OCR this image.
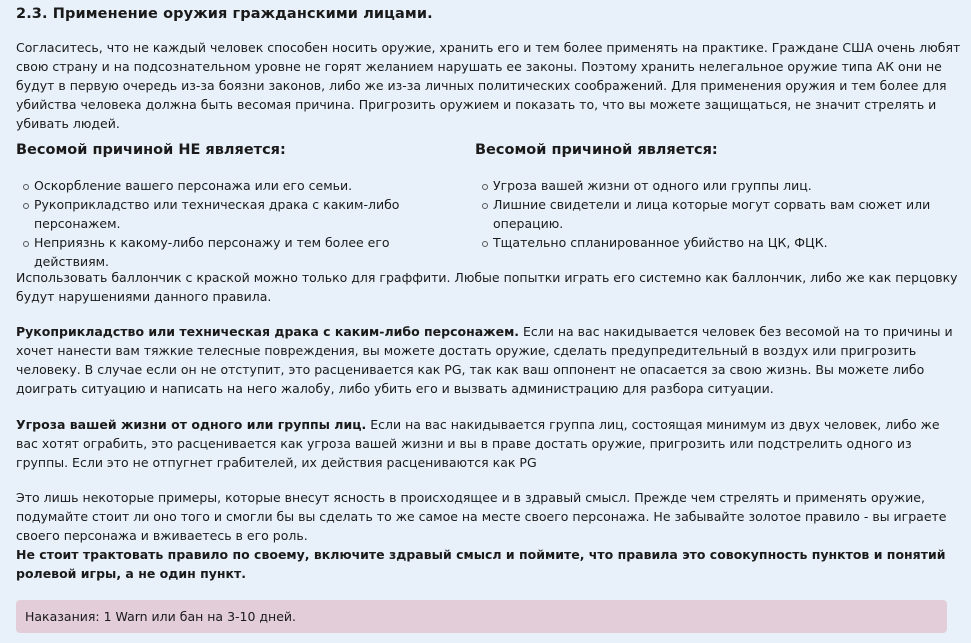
2.3. Применение оружия гражданскими лицами.
Согласитесь, что не каждый человек способен носить оружие, хранить его и тем более применять на практике. Граждане США очень любят свою страну и на подсознательном уровне не горят желанием нарушать ее законы. Поэтому хранить нелегальное оружие типа АК они не будут в первую очередь из-за боязни законов, либо же из-за личных политических соображений. Для применения оружия и тем более для убийства человека должна быть весомая причина. Пригрозить оружием и показать то, что вы можете защищаться, не значит стрелять и убивать людей.
Весомой причиной НЕ является:
Оскорбление вашего персонажа или его семьи.
Рукоприкладство или техническая драка с каким-либо персонажем.
Неприязнь к какому-либо персонажу и тем более его действиям.
Весомой причиной является:
Угроза вашей жизни от одного или группы лиц.
Лишние свидетели и лица которые могут сорвать вам сюжет или операцию.
Тщательно спланированное убийство на ЦК, ФЦК.
Использовать баллончик с краской можно только для граффити. Любые попытки играть его системно как баллончик, либо же как перцовку будут нарушениями данного правила.
Рукоприкладство или техническая драка с каким-либо персонажем. Если на вас накидывается человек без весомой на то причины и хочет нанести вам тяжкие телесные повреждения, вы можете достать оружие, сделать предупредительный в воздух или пригрозить человеку. В случае если он не отступит, это расценивается как PG, так как ваш оппонент не опасается за свою жизнь. Вы можете либо доиграть ситуацию и написать на него жалобу, либо убить его и вызвать администрацию для разбора ситуации.
Угроза вашей жизни от одного или группы лиц. Если на вас накидывается группа лиц, состоящая минимум из двух человек, либо же вас хотят ограбить, это расценивается как угроза вашей жизни и вы в праве достать оружие, пригрозить или подстрелить одного из группы. Если это не отпугнет грабителей, их действия расцениваются как PG
Это лишь некоторые примеры, которые внесут ясность в происходящее и в здравый смысл. Прежде чем стрелять и применять оружие, подумайте стоит ли оно того и смогли бы вы сделать то же самое на месте своего персонажа. Не забывайте золотое правило - вы играете своего персонажа и вживаетесь в его роль.
Не стоит трактовать правило по своему, включите здравый смысл и поймите, что правила это совокупность пунктов и понятий ролевой игры, а не один пункт.
Наказания: 1 Warn или бан на 3-10 дней.
